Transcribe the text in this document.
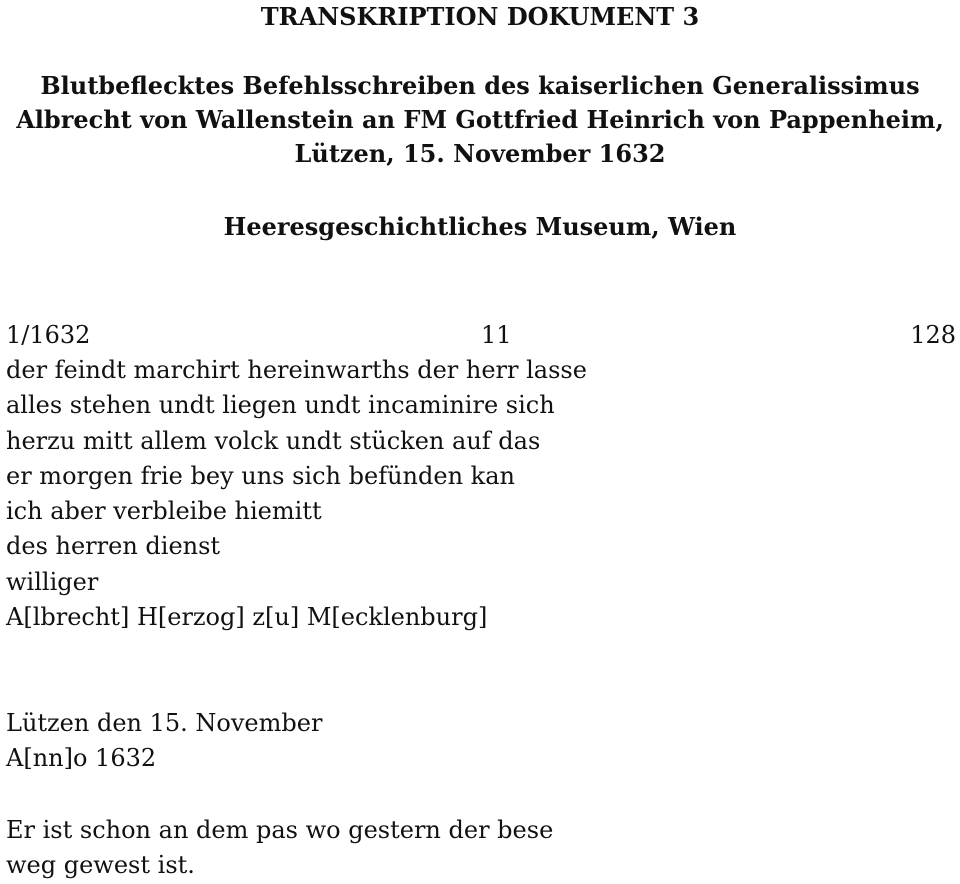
TRANSKRIPTION DOKUMENT 3
Blutbeflecktes Befehlsschreiben des kaiserlichen Generalissimus
Albrecht von Wallenstein an FM Gottfried Heinrich von Pappenheim,
Lützen, 15. November 1632
Heeresgeschichtliches Museum, Wien
1/1632	11	128
der feindt marchirt hereinwarths der herr lasse
alles stehen undt liegen undt incaminire sich
herzu mitt allem volck undt stücken auf das
er morgen frie bey uns sich befünden kan
ich aber verbleibe hiemitt
des herren dienst
williger
A[lbrecht] H[erzog] z[u] M[ecklenburg]
Lützen den 15. November
A[nn]o 1632
Er ist schon an dem pas wo gestern der bese
weg gewest ist.
